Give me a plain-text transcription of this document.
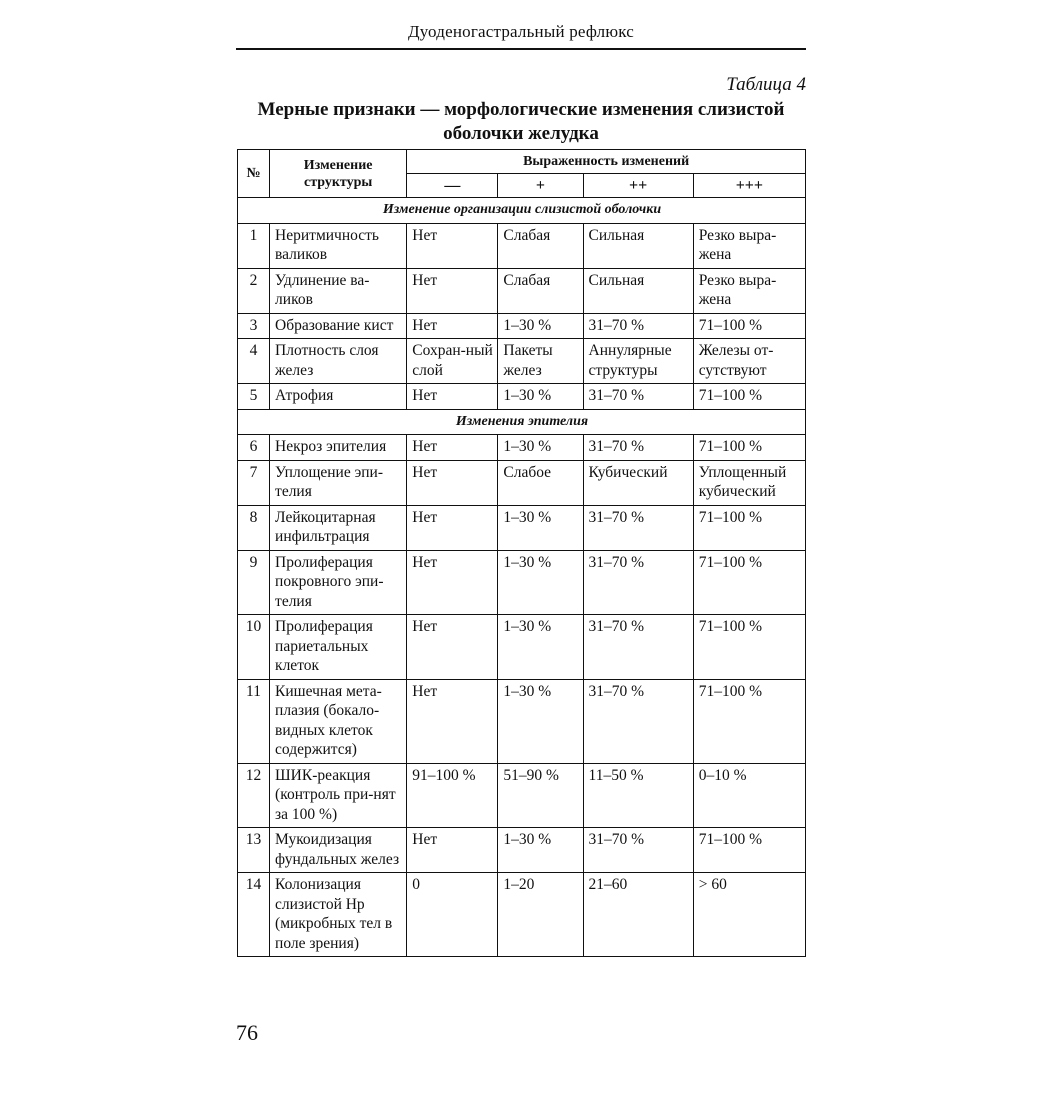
Дуоденогастральный рефлюкс
Таблица 4
Мерные признаки — морфологические изменения слизистой оболочки желудка
№	Изменение структуры	Выраженность изменений			
		—	+	++	+++
Изменение организации слизистой оболочки					
1	Неритмичность валиков	Нет	Слабая	Сильная	Резко выра-жена
2	Удлинение ва-ликов	Нет	Слабая	Сильная	Резко выра-жена
3	Образование кист	Нет	1–30 %	31–70 %	71–100 %
4	Плотность слоя желез	Сохран-ный слой	Пакеты желез	Аннулярные структуры	Железы от-сутствуют
5	Атрофия	Нет	1–30 %	31–70 %	71–100 %
Изменения эпителия					
6	Некроз эпителия	Нет	1–30 %	31–70 %	71–100 %
7	Уплощение эпи-телия	Нет	Слабое	Кубический	Уплощенный кубический
8	Лейкоцитарная инфильтрация	Нет	1–30 %	31–70 %	71–100 %
9	Пролиферация покровного эпи-телия	Нет	1–30 %	31–70 %	71–100 %
10	Пролиферация париетальных клеток	Нет	1–30 %	31–70 %	71–100 %
11	Кишечная мета-плазия (бокало-видных клеток содержится)	Нет	1–30 %	31–70 %	71–100 %
12	ШИК-реакция (контроль при-нят за 100 %)	91–100 %	51–90 %	11–50 %	0–10 %
13	Мукоидизация фундальных желез	Нет	1–30 %	31–70 %	71–100 %
14	Колонизация слизистой Hp (микробных тел в поле зрения)	0	1–20	21–60	> 60
76
